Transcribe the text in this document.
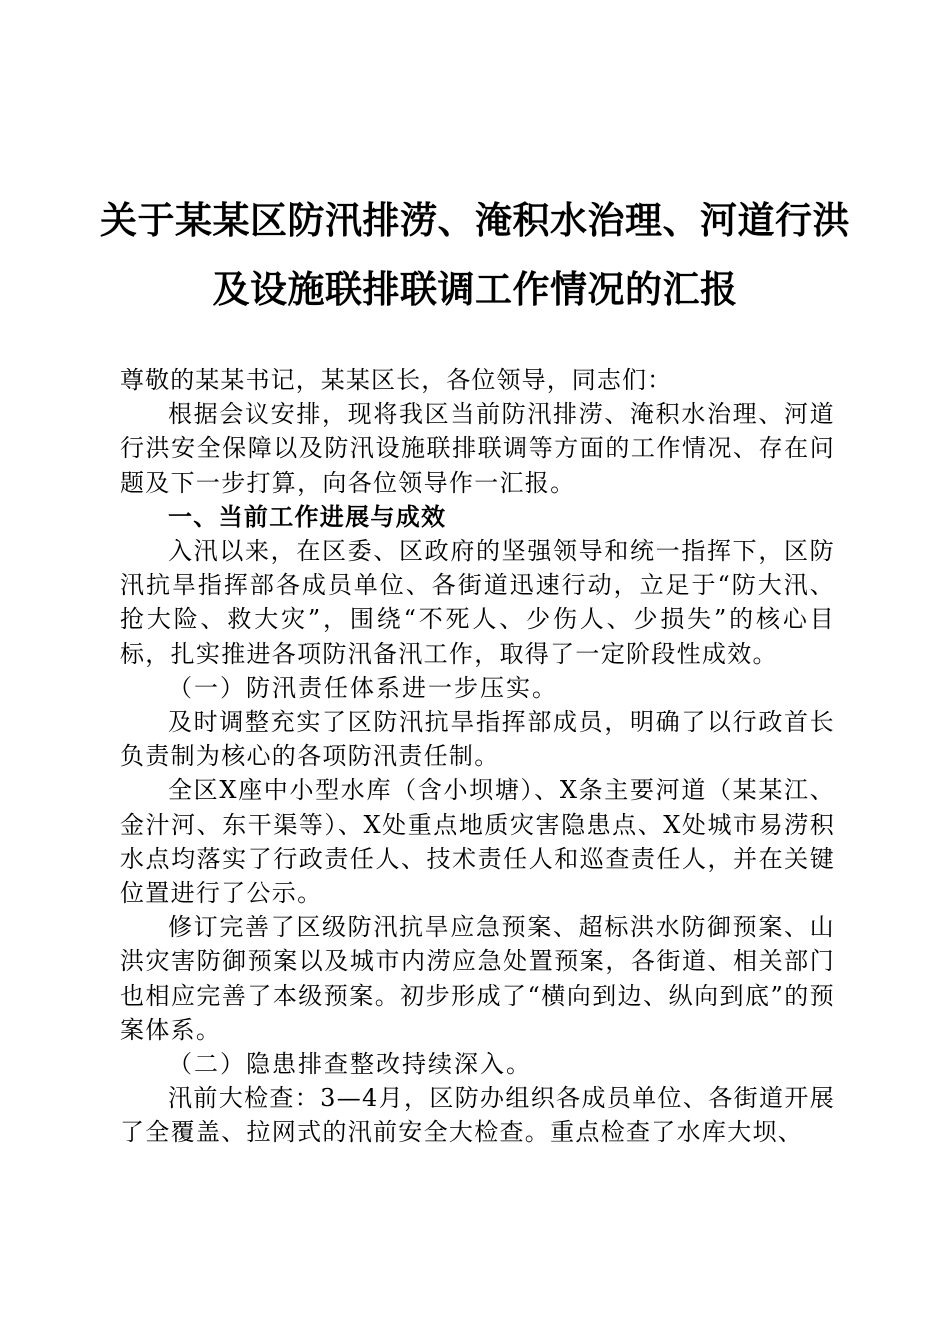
关于某某区防汛排涝、淹积水治理、河道行洪
及设施联排联调工作情况的汇报

尊敬的某某书记，某某区长，各位领导，同志们：

根据会议安排，现将我区当前防汛排涝、淹积水治理、河道行洪安全保障以及防汛设施联排联调等方面的工作情况、存在问题及下一步打算，向各位领导作一汇报。

一、当前工作进展与成效

入汛以来，在区委、区政府的坚强领导和统一指挥下，区防汛抗旱指挥部各成员单位、各街道迅速行动，立足于“防大汛、抢大险、救大灾”，围绕“不死人、少伤人、少损失”的核心目标，扎实推进各项防汛备汛工作，取得了一定阶段性成效。

（一）防汛责任体系进一步压实。

及时调整充实了区防汛抗旱指挥部成员，明确了以行政首长负责制为核心的各项防汛责任制。

全区X座中小型水库（含小坝塘）、X条主要河道（某某江、金汁河、东干渠等）、X处重点地质灾害隐患点、X处城市易涝积水点均落实了行政责任人、技术责任人和巡查责任人，并在关键位置进行了公示。

修订完善了区级防汛抗旱应急预案、超标洪水防御预案、山洪灾害防御预案以及城市内涝应急处置预案，各街道、相关部门也相应完善了本级预案。初步形成了“横向到边、纵向到底”的预案体系。

（二）隐患排查整改持续深入。

汛前大检查：3—4月，区防办组织各成员单位、各街道开展了全覆盖、拉网式的汛前安全大检查。重点检查了水库大坝、
